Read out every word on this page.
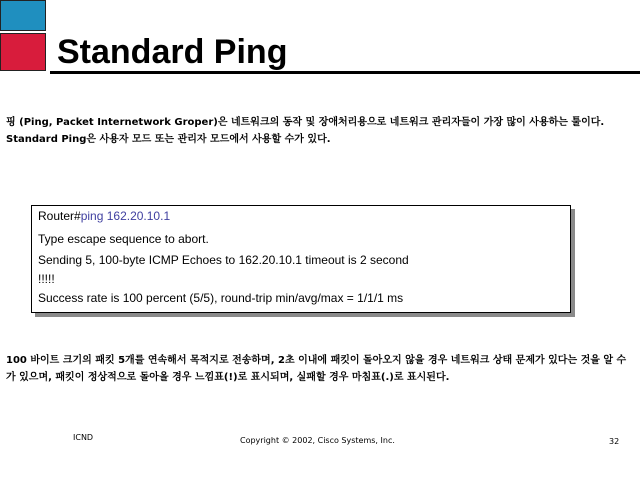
Standard Ping
핑 (Ping, Packet Internetwork Groper)은 네트워크의 동작 및 장애처리용으로 네트워크 관리자들이 가장 많이 사용하는 툴이다. Standard Ping은 사용자 모드 또는 관리자 모드에서 사용할 수가 있다.
Router#ping 162.20.10.1
Type escape sequence to abort.
Sending 5, 100-byte ICMP Echoes to 162.20.10.1 timeout is 2 second
!!!!!
Success rate is 100 percent (5/5), round-trip min/avg/max = 1/1/1 ms
100 바이트 크기의 패킷 5개를 연속해서 목적지로 전송하며, 2초 이내에 패킷이 돌아오지 않을 경우 네트워크 상태 문제가 있다는 것을 알 수가 있으며, 패킷이 정상적으로 돌아올 경우 느낌표(!)로 표시되며, 실패할 경우 마침표(.)로 표시된다.
ICND	Copyright © 2002, Cisco Systems, Inc.	32
